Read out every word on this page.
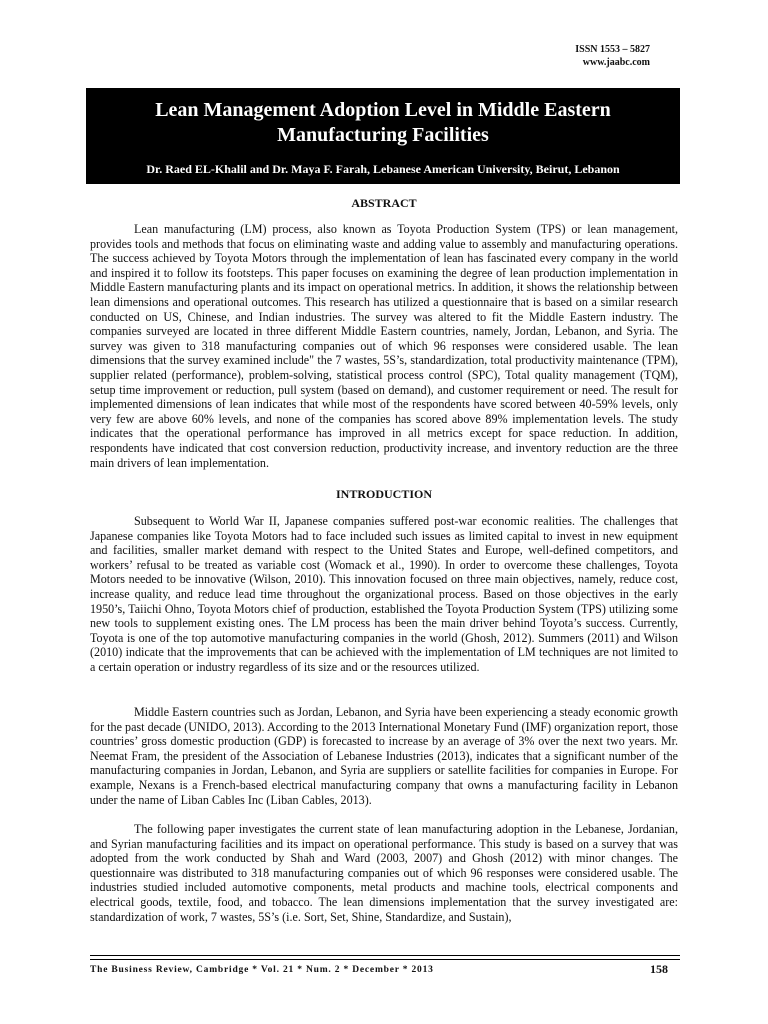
ISSN 1553 – 5827
www.jaabc.com
Lean Management Adoption Level in Middle Eastern Manufacturing Facilities
Dr. Raed EL-Khalil and Dr. Maya F. Farah, Lebanese American University, Beirut, Lebanon
ABSTRACT

Lean manufacturing (LM) process, also known as Toyota Production System (TPS) or lean management, provides tools and methods that focus on eliminating waste and adding value to assembly and manufacturing operations. The success achieved by Toyota Motors through the implementation of lean has fascinated every company in the world and inspired it to follow its footsteps. This paper focuses on examining the degree of lean production implementation in Middle Eastern manufacturing plants and its impact on operational metrics. In addition, it shows the relationship between lean dimensions and operational outcomes. This research has utilized a questionnaire that is based on a similar research conducted on US, Chinese, and Indian industries. The survey was altered to fit the Middle Eastern industry. The companies surveyed are located in three different Middle Eastern countries, namely, Jordan, Lebanon, and Syria. The survey was given to 318 manufacturing companies out of which 96 responses were considered usable. The lean dimensions that the survey examined include" the 7 wastes, 5S’s, standardization, total productivity maintenance (TPM), supplier related (performance), problem-solving, statistical process control (SPC), Total quality management (TQM), setup time improvement or reduction, pull system (based on demand), and customer requirement or need. The result for implemented dimensions of lean indicates that while most of the respondents have scored between 40-59% levels, only very few are above 60% levels, and none of the companies has scored above 89% implementation levels. The study indicates that the operational performance has improved in all metrics except for space reduction. In addition, respondents have indicated that cost conversion reduction, productivity increase, and inventory reduction are the three main drivers of lean implementation.

INTRODUCTION

Subsequent to World War II, Japanese companies suffered post-war economic realities. The challenges that Japanese companies like Toyota Motors had to face included such issues as limited capital to invest in new equipment and facilities, smaller market demand with respect to the United States and Europe, well-defined competitors, and workers’ refusal to be treated as variable cost (Womack et al., 1990). In order to overcome these challenges, Toyota Motors needed to be innovative (Wilson, 2010). This innovation focused on three main objectives, namely, reduce cost, increase quality, and reduce lead time throughout the organizational process. Based on those objectives in the early 1950’s, Taiichi Ohno, Toyota Motors chief of production, established the Toyota Production System (TPS) utilizing some new tools to supplement existing ones. The LM process has been the main driver behind Toyota’s success. Currently, Toyota is one of the top automotive manufacturing companies in the world (Ghosh, 2012). Summers (2011) and Wilson (2010) indicate that the improvements that can be achieved with the implementation of LM techniques are not limited to a certain operation or industry regardless of its size and or the resources utilized.

Middle Eastern countries such as Jordan, Lebanon, and Syria have been experiencing a steady economic growth for the past decade (UNIDO, 2013). According to the 2013 International Monetary Fund (IMF) organization report, those countries’ gross domestic production (GDP) is forecasted to increase by an average of 3% over the next two years. Mr. Neemat Fram, the president of the Association of Lebanese Industries (2013), indicates that a significant number of the manufacturing companies in Jordan, Lebanon, and Syria are suppliers or satellite facilities for companies in Europe. For example, Nexans is a French-based electrical manufacturing company that owns a manufacturing facility in Lebanon under the name of Liban Cables Inc (Liban Cables, 2013).

The following paper investigates the current state of lean manufacturing adoption in the Lebanese, Jordanian, and Syrian manufacturing facilities and its impact on operational performance. This study is based on a survey that was adopted from the work conducted by Shah and Ward (2003, 2007) and Ghosh (2012) with minor changes. The questionnaire was distributed to 318 manufacturing companies out of which 96 responses were considered usable. The industries studied included automotive components, metal products and machine tools, electrical components and electrical goods, textile, food, and tobacco. The lean dimensions implementation that the survey investigated are: standardization of work, 7 wastes, 5S’s (i.e. Sort, Set, Shine, Standardize, and Sustain),

The Business Review, Cambridge * Vol. 21 * Num. 2 * December * 2013	158
